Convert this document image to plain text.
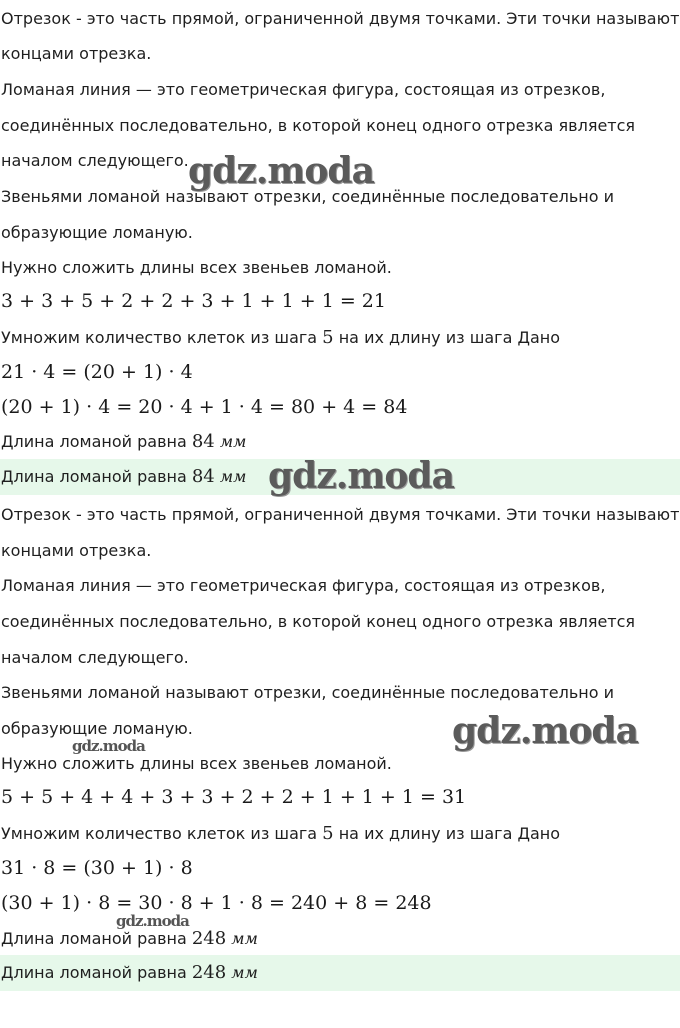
Отрезок - это часть прямой, ограниченной двумя точками. Эти точки называют
концами отрезка.
Ломаная линия — это геометрическая фигура, состоящая из отрезков,
соединённых последовательно, в которой конец одного отрезка является
началом следующего.
Звеньями ломаной называют отрезки, соединённые последовательно и
образующие ломаную.
Нужно сложить длины всех звеньев ломаной.
3 + 3 + 5 + 2 + 2 + 3 + 1 + 1 + 1 = 21
Умножим количество клеток из шага 5 на их длину из шага Дано
21 · 4 = (20 + 1) · 4
(20 + 1) · 4 = 20 · 4 + 1 · 4 = 80 + 4 = 84
Длина ломаной равна 84 мм
Длина ломаной равна 84 мм
Отрезок - это часть прямой, ограниченной двумя точками. Эти точки называют
концами отрезка.
Ломаная линия — это геометрическая фигура, состоящая из отрезков,
соединённых последовательно, в которой конец одного отрезка является
началом следующего.
Звеньями ломаной называют отрезки, соединённые последовательно и
образующие ломаную.
Нужно сложить длины всех звеньев ломаной.
5 + 5 + 4 + 4 + 3 + 3 + 2 + 2 + 1 + 1 + 1 = 31
Умножим количество клеток из шага 5 на их длину из шага Дано
31 · 8 = (30 + 1) · 8
(30 + 1) · 8 = 30 · 8 + 1 · 8 = 240 + 8 = 248
Длина ломаной равна 248 мм
Длина ломаной равна 248 мм
gdz.moda
gdz.moda
gdz.moda
gdz.moda
gdz.moda
